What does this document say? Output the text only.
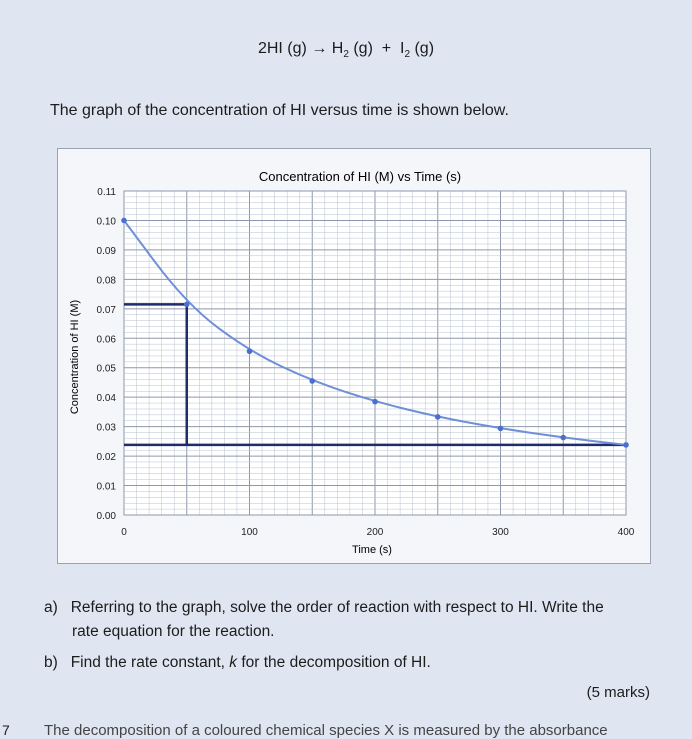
2HI $(g) \to H_2$ $(g) + I_2$ (g)
The graph of the concentration of HI versus time is shown below.
0.00
0.01
0.02
0.03
0.04
0.05
0.06
0.07
0.08
0.09
0.10
0.11
0	100	200	300	400
Concentration of HI (M) vs Time (s)
Time (s)
Concentration of HI (M)
a) Referring to the graph, solve the order of reaction with respect to HI. Write the
rate equation for the reaction.
b) Find the rate constant, k for the decomposition of HI.
(5 marks)
7 The decomposition of a coloured chemical species X is measured by the absorbance
